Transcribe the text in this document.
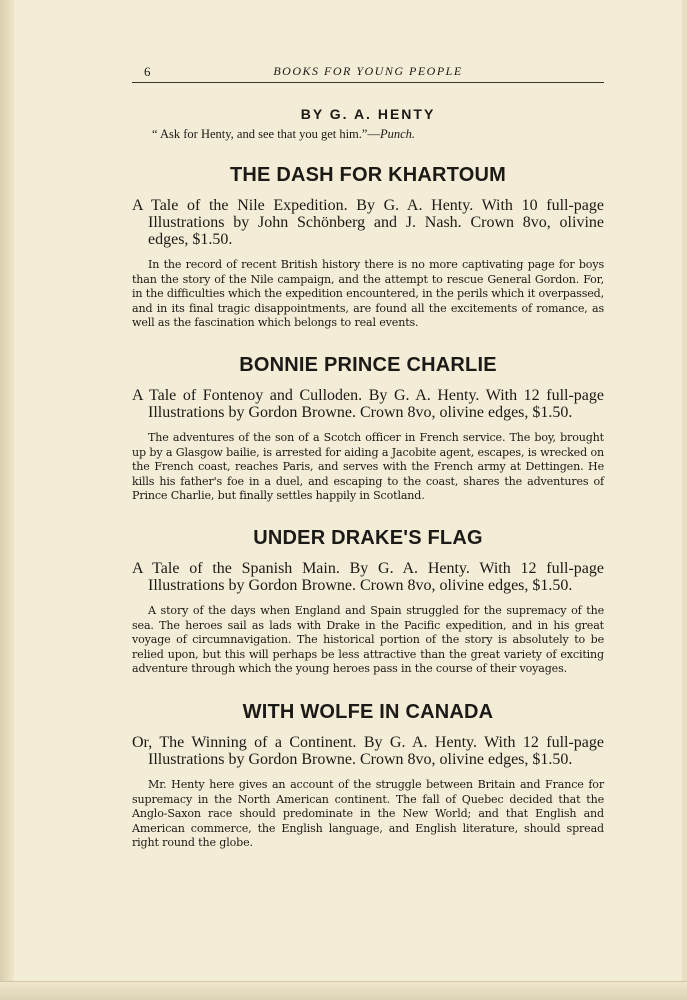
6	BOOKS FOR YOUNG PEOPLE
BY G. A. HENTY
“ Ask for Henty, and see that you get him.”—Punch.
THE DASH FOR KHARTOUM

A Tale of the Nile Expedition. By G. A. Henty. With 10 full-page Illustrations by John Schönberg and J. Nash. Crown 8vo, olivine edges, $1.50.

In the record of recent British history there is no more captivating page for boys than the story of the Nile campaign, and the attempt to rescue General Gordon. For, in the difficulties which the expedition encountered, in the perils which it overpassed, and in its final tragic disappointments, are found all the excitements of romance, as well as the fascination which belongs to real events.

BONNIE PRINCE CHARLIE

A Tale of Fontenoy and Culloden. By G. A. Henty. With 12 full-page Illustrations by Gordon Browne. Crown 8vo, olivine edges, $1.50.

The adventures of the son of a Scotch officer in French service. The boy, brought up by a Glasgow bailie, is arrested for aiding a Jacobite agent, escapes, is wrecked on the French coast, reaches Paris, and serves with the French army at Dettingen. He kills his father's foe in a duel, and escaping to the coast, shares the adventures of Prince Charlie, but finally settles happily in Scotland.

UNDER DRAKE'S FLAG

A Tale of the Spanish Main. By G. A. Henty. With 12 full-page Illustrations by Gordon Browne. Crown 8vo, olivine edges, $1.50.

A story of the days when England and Spain struggled for the supremacy of the sea. The heroes sail as lads with Drake in the Pacific expedition, and in his great voyage of circumnavigation. The historical portion of the story is absolutely to be relied upon, but this will perhaps be less attractive than the great variety of exciting adventure through which the young heroes pass in the course of their voyages.

WITH WOLFE IN CANADA

Or, The Winning of a Continent. By G. A. Henty. With 12 full-page Illustrations by Gordon Browne. Crown 8vo, olivine edges, $1.50.

Mr. Henty here gives an account of the struggle between Britain and France for supremacy in the North American continent. The fall of Quebec decided that the Anglo-Saxon race should predominate in the New World; and that English and American commerce, the English language, and English literature, should spread right round the globe.
